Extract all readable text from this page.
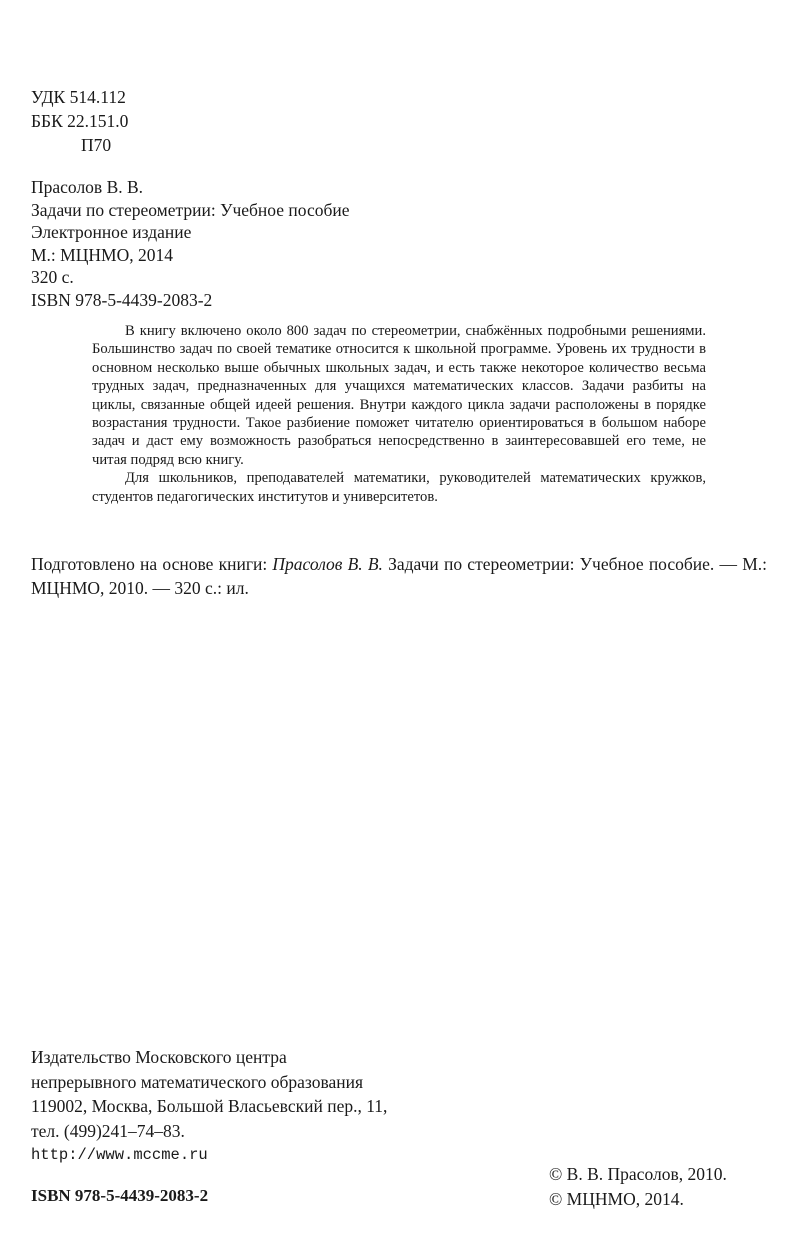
УДК 514.112
ББК 22.151.0
П70
Прасолов В. В.
Задачи по стереометрии: Учебное пособие
Электронное издание
М.: МЦНМО, 2014
320 с.
ISBN 978-5-4439-2083-2

В книгу включено около 800 задач по стереометрии, снабжённых подробными решениями. Большинство задач по своей тематике относится к школьной программе. Уровень их трудности в основном несколько выше обычных школьных задач, и есть также некоторое количество весьма трудных задач, предназначенных для учащихся математических классов. Задачи разбиты на циклы, связанные общей идеей решения. Внутри каждого цикла задачи расположены в порядке возрастания трудности. Такое разбиение поможет читателю ориентироваться в большом наборе задач и даст ему возможность разобраться непосредственно в заинтересовавшей его теме, не читая подряд всю книгу.

Для школьников, преподавателей математики, руководителей математических кружков, студентов педагогических институтов и университетов.

Подготовлено на основе книги: Прасолов В. В. Задачи по стереометрии: Учебное пособие. — М.: МЦНМО, 2010. — 320 с.: ил.

Издательство Московского центра
непрерывного математического образования
119002, Москва, Большой Власьевский пер., 11,
тел. (499)241–74–83.
http://www.mccme.ru
© В. В. Прасолов, 2010.
© МЦНМО, 2014.
ISBN 978-5-4439-2083-2
